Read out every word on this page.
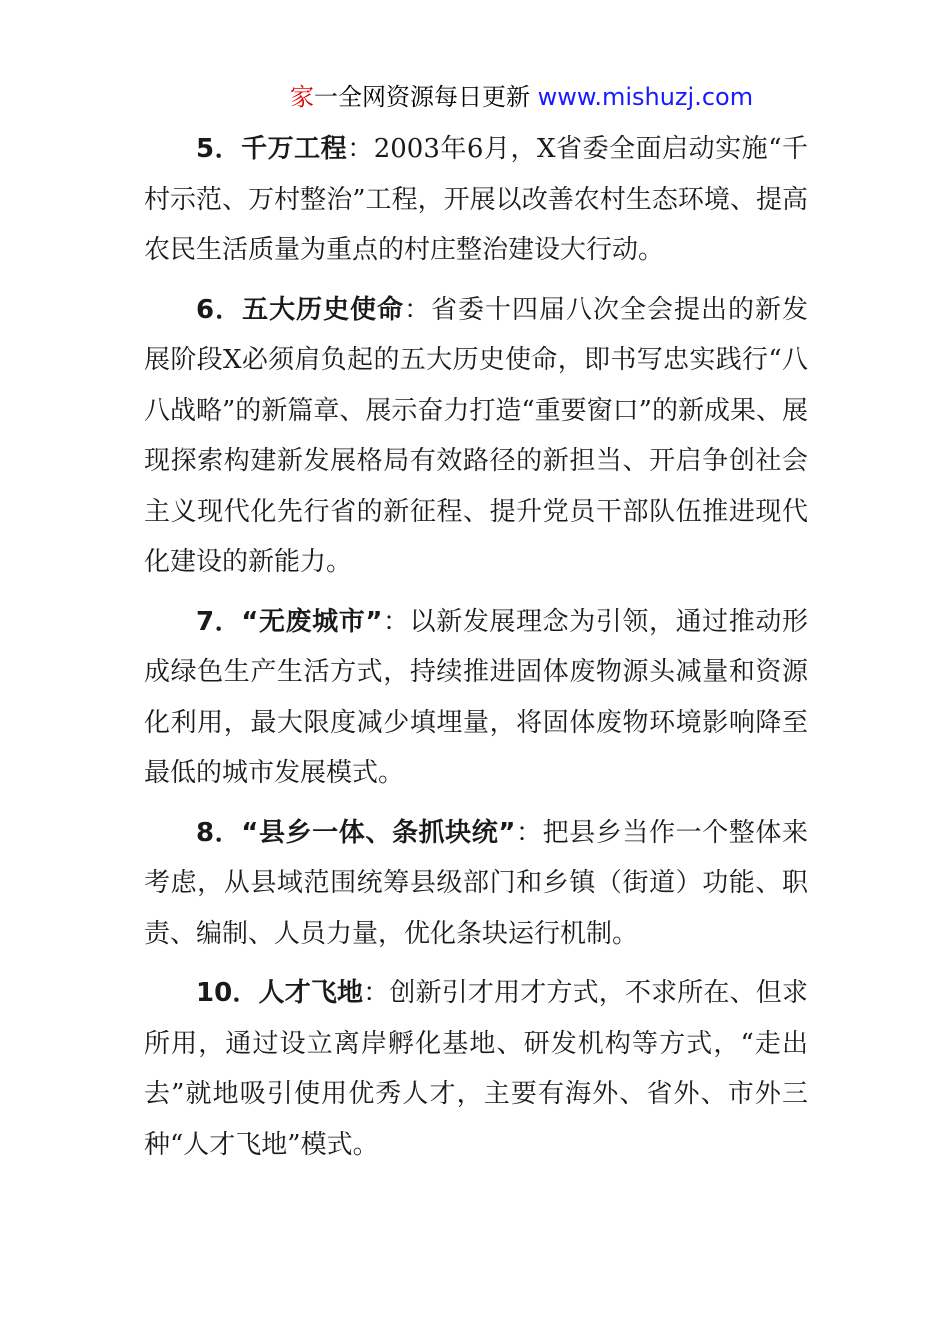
家一全网资源每日更新 www.mishuzj.com

5．千万工程：2003年6月，X省委全面启动实施“千村示范、万村整治”工程，开展以改善农村生态环境、提高农民生活质量为重点的村庄整治建设大行动。

6．五大历史使命：省委十四届八次全会提出的新发展阶段X必须肩负起的五大历史使命，即书写忠实践行“八八战略”的新篇章、展示奋力打造“重要窗口”的新成果、展现探索构建新发展格局有效路径的新担当、开启争创社会主义现代化先行省的新征程、提升党员干部队伍推进现代化建设的新能力。

7．“无废城市”：以新发展理念为引领，通过推动形成绿色生产生活方式，持续推进固体废物源头减量和资源化利用，最大限度减少填埋量，将固体废物环境影响降至最低的城市发展模式。

8．“县乡一体、条抓块统”：把县乡当作一个整体来考虑，从县域范围统筹县级部门和乡镇（街道）功能、职责、编制、人员力量，优化条块运行机制。

10．人才飞地：创新引才用才方式，不求所在、但求所用，通过设立离岸孵化基地、研发机构等方式，“走出去”就地吸引使用优秀人才，主要有海外、省外、市外三种“人才飞地”模式。
